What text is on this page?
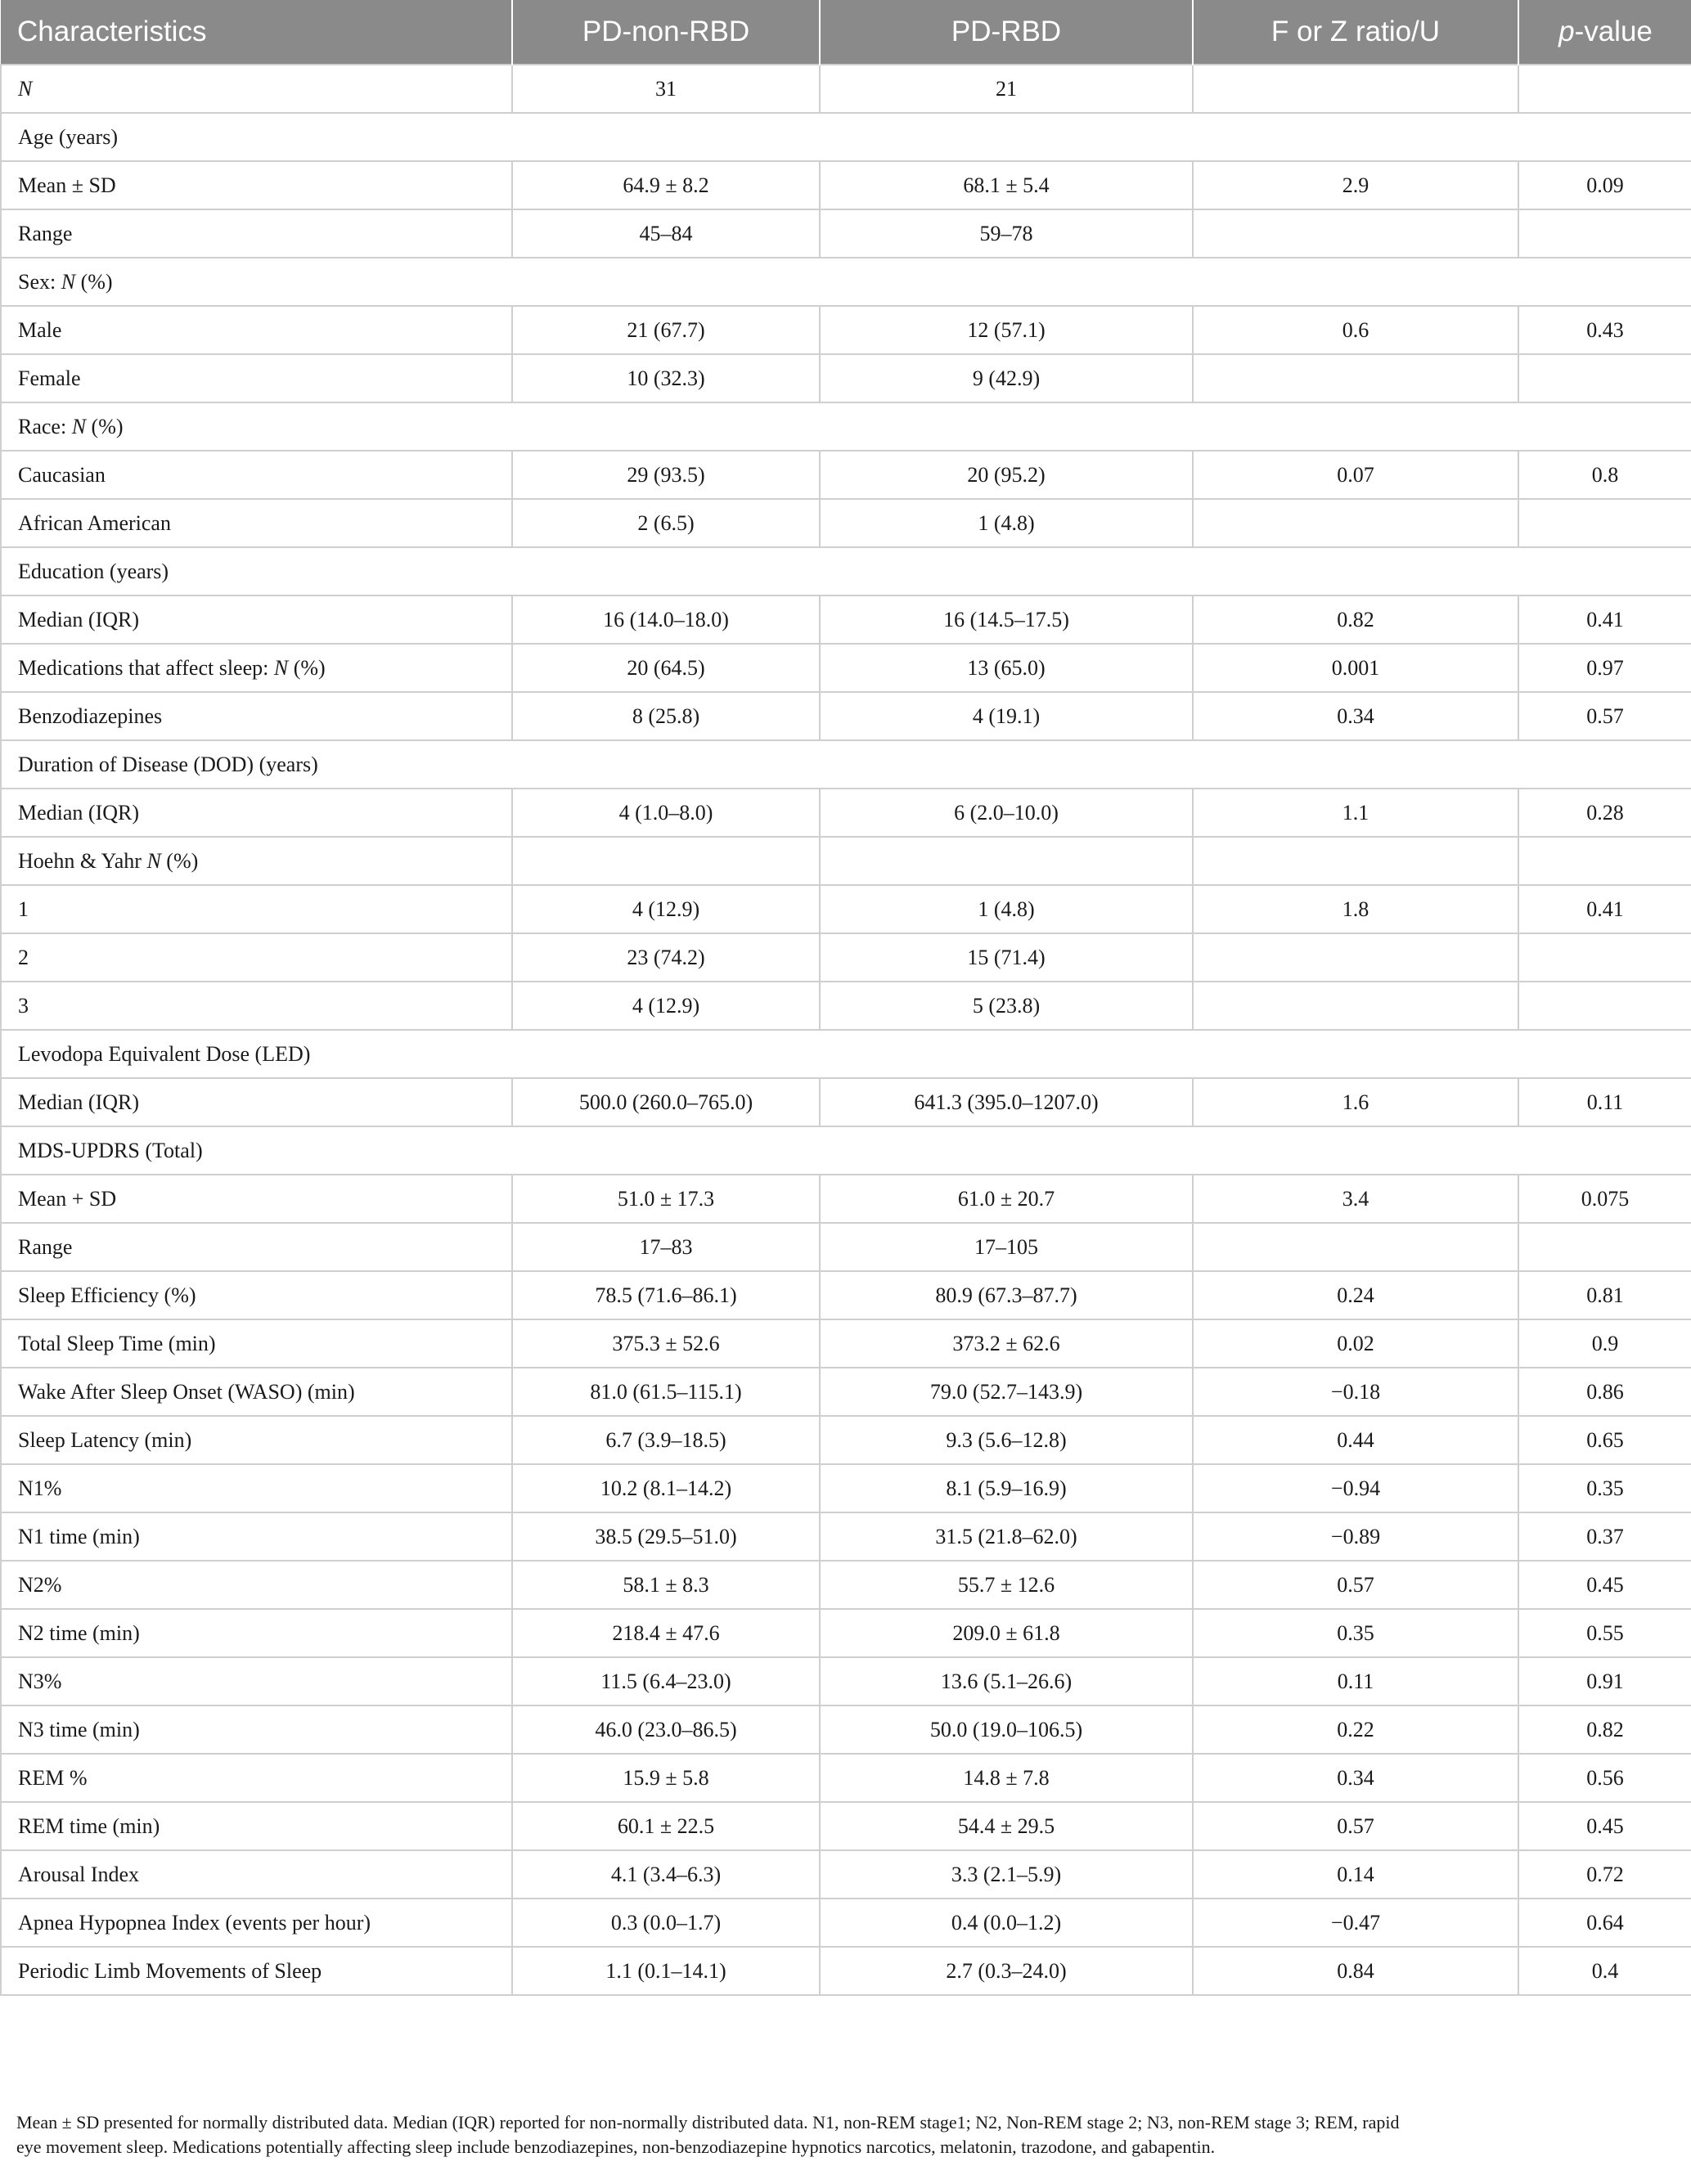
Characteristics	PD-non-RBD	PD-RBD	F or Z ratio/U	p-value
N	31	21		
Age (years)				
Mean ± SD	64.9 ± 8.2	68.1 ± 5.4	2.9	0.09
Range	45–84	59–78		
Sex: N (%)				
Male	21 (67.7)	12 (57.1)	0.6	0.43
Female	10 (32.3)	9 (42.9)		
Race: N (%)				
Caucasian	29 (93.5)	20 (95.2)	0.07	0.8
African American	2 (6.5)	1 (4.8)		
Education (years)				
Median (IQR)	16 (14.0–18.0)	16 (14.5–17.5)	0.82	0.41
Medications that affect sleep: N (%)	20 (64.5)	13 (65.0)	0.001	0.97
Benzodiazepines	8 (25.8)	4 (19.1)	0.34	0.57
Duration of Disease (DOD) (years)				
Median (IQR)	4 (1.0–8.0)	6 (2.0–10.0)	1.1	0.28
Hoehn & Yahr N (%)				
1	4 (12.9)	1 (4.8)	1.8	0.41
2	23 (74.2)	15 (71.4)		
3	4 (12.9)	5 (23.8)		
Levodopa Equivalent Dose (LED)				
Median (IQR)	500.0 (260.0–765.0)	641.3 (395.0–1207.0)	1.6	0.11
MDS-UPDRS (Total)				
Mean + SD	51.0 ± 17.3	61.0 ± 20.7	3.4	0.075
Range	17–83	17–105		
Sleep Efficiency (%)	78.5 (71.6–86.1)	80.9 (67.3–87.7)	0.24	0.81
Total Sleep Time (min)	375.3 ± 52.6	373.2 ± 62.6	0.02	0.9
Wake After Sleep Onset (WASO) (min)	81.0 (61.5–115.1)	79.0 (52.7–143.9)	−0.18	0.86
Sleep Latency (min)	6.7 (3.9–18.5)	9.3 (5.6–12.8)	0.44	0.65
N1%	10.2 (8.1–14.2)	8.1 (5.9–16.9)	−0.94	0.35
N1 time (min)	38.5 (29.5–51.0)	31.5 (21.8–62.0)	−0.89	0.37
N2%	58.1 ± 8.3	55.7 ± 12.6	0.57	0.45
N2 time (min)	218.4 ± 47.6	209.0 ± 61.8	0.35	0.55
N3%	11.5 (6.4–23.0)	13.6 (5.1–26.6)	0.11	0.91
N3 time (min)	46.0 (23.0–86.5)	50.0 (19.0–106.5)	0.22	0.82
REM %	15.9 ± 5.8	14.8 ± 7.8	0.34	0.56
REM time (min)	60.1 ± 22.5	54.4 ± 29.5	0.57	0.45
Arousal Index	4.1 (3.4–6.3)	3.3 (2.1–5.9)	0.14	0.72
Apnea Hypopnea Index (events per hour)	0.3 (0.0–1.7)	0.4 (0.0–1.2)	−0.47	0.64
Periodic Limb Movements of Sleep	1.1 (0.1–14.1)	2.7 (0.3–24.0)	0.84	0.4
Mean ± SD presented for normally distributed data. Median (IQR) reported for non-normally distributed data. N1, non-REM stage1; N2, Non-REM stage 2; N3, non-REM stage 3; REM, rapid
eye movement sleep. Medications potentially affecting sleep include benzodiazepines, non-benzodiazepine hypnotics narcotics, melatonin, trazodone, and gabapentin.
